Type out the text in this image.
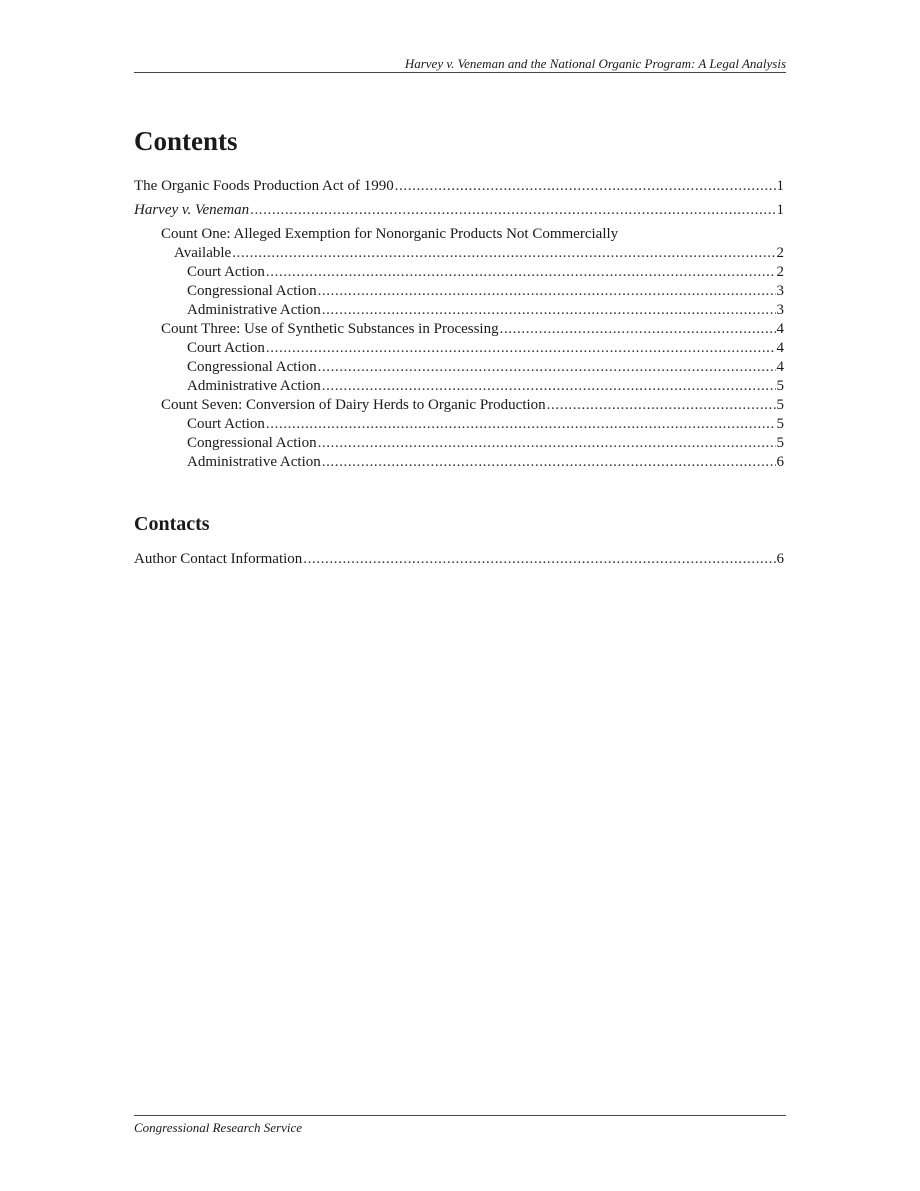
Harvey v. Veneman and the National Organic Program: A Legal Analysis
Contents
The Organic Foods Production Act of 1990 .....	1
Harvey v. Veneman .....	1
Count One: Alleged Exemption for Nonorganic Products Not Commercially
Available .....	2
Court Action .....	2
Congressional Action .....	3
Administrative Action .....	3
Count Three: Use of Synthetic Substances in Processing .....	4
Court Action .....	4
Congressional Action .....	4
Administrative Action .....	5
Count Seven: Conversion of Dairy Herds to Organic Production .....	5
Court Action .....	5
Congressional Action .....	5
Administrative Action .....	6
Contacts
Author Contact Information .....	6
Congressional Research Service
